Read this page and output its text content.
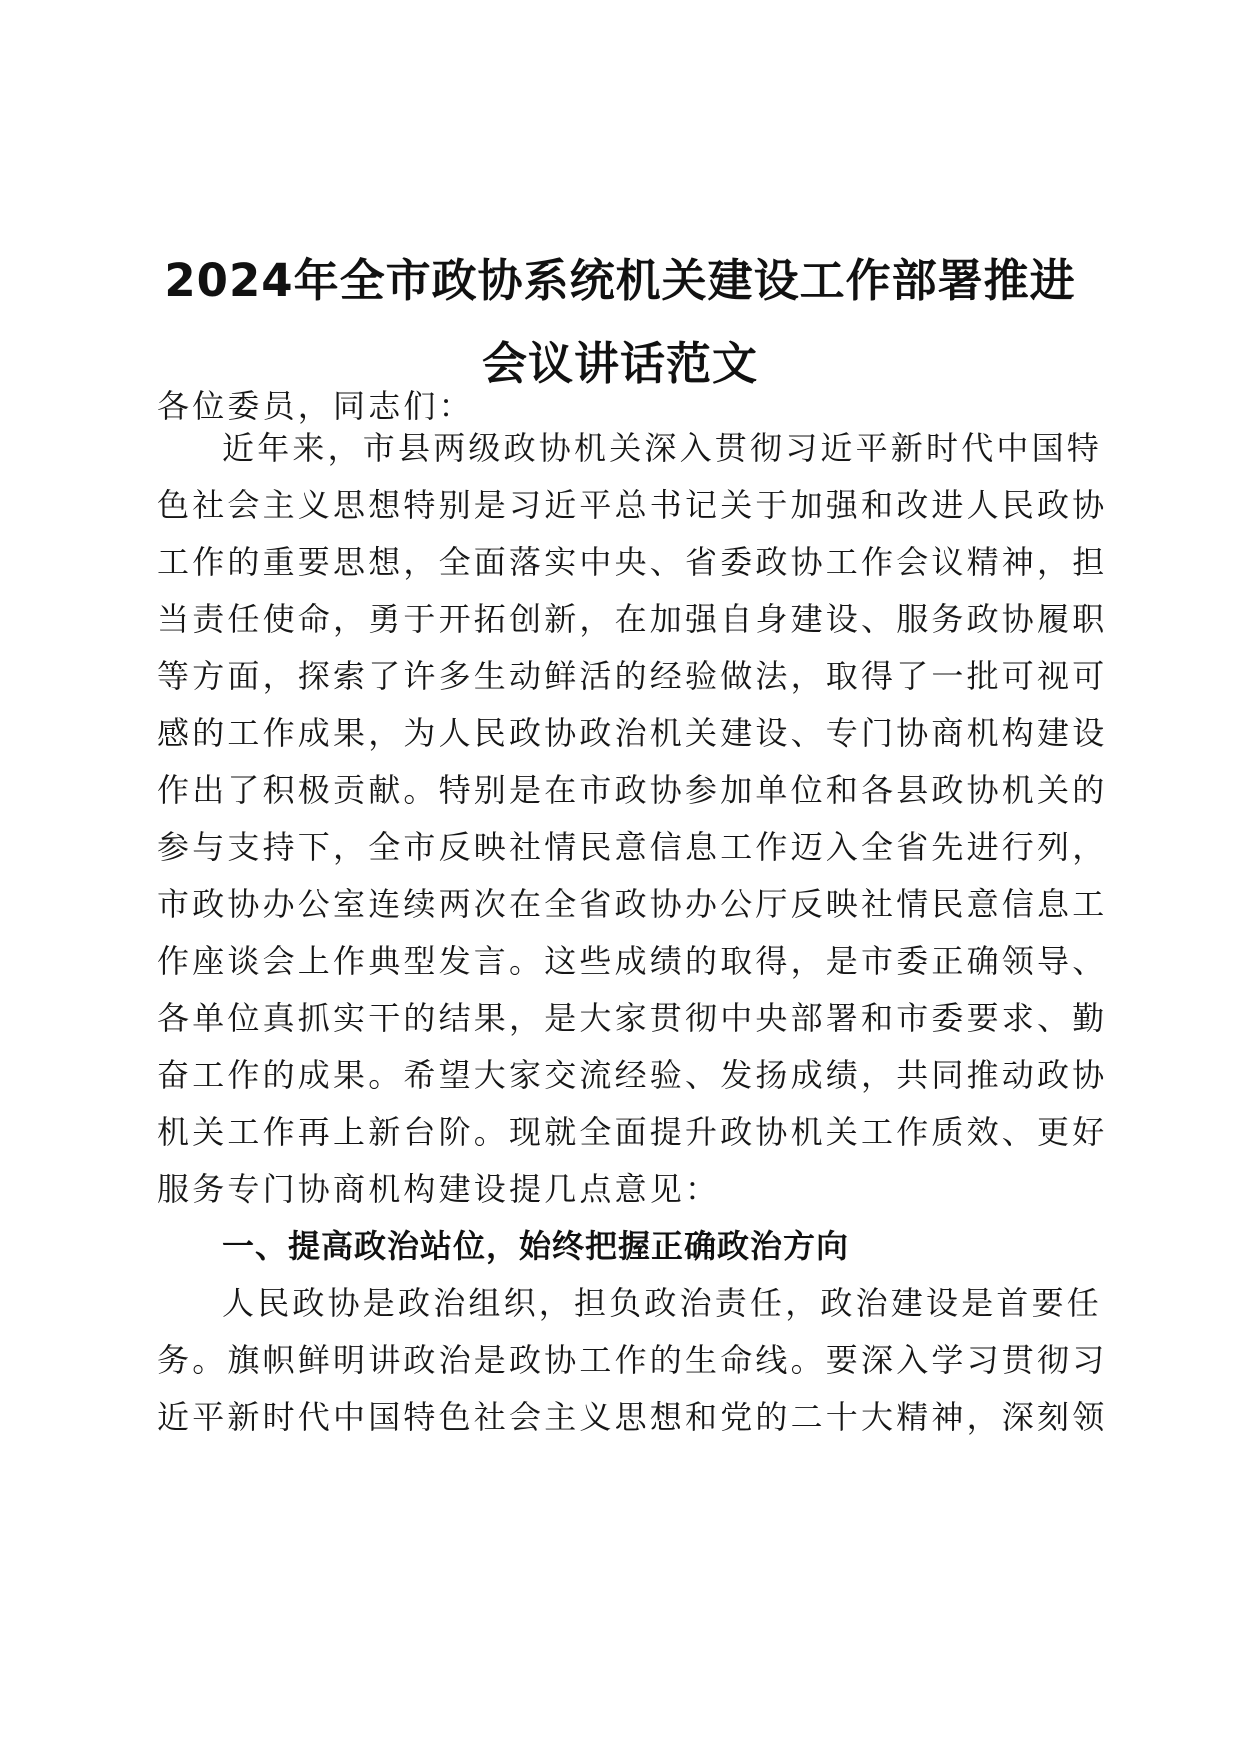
2024年全市政协系统机关建设工作部署推进
会议讲话范文
各位委员，同志们：
近年来，市县两级政协机关深入贯彻习近平新时代中国特
色社会主义思想特别是习近平总书记关于加强和改进人民政协
工作的重要思想，全面落实中央、省委政协工作会议精神，担
当责任使命，勇于开拓创新，在加强自身建设、服务政协履职
等方面，探索了许多生动鲜活的经验做法，取得了一批可视可
感的工作成果，为人民政协政治机关建设、专门协商机构建设
作出了积极贡献。特别是在市政协参加单位和各县政协机关的
参与支持下，全市反映社情民意信息工作迈入全省先进行列，
市政协办公室连续两次在全省政协办公厅反映社情民意信息工
作座谈会上作典型发言。这些成绩的取得，是市委正确领导、
各单位真抓实干的结果，是大家贯彻中央部署和市委要求、勤
奋工作的成果。希望大家交流经验、发扬成绩，共同推动政协
机关工作再上新台阶。现就全面提升政协机关工作质效、更好
服务专门协商机构建设提几点意见：
一、提高政治站位，始终把握正确政治方向
人民政协是政治组织，担负政治责任，政治建设是首要任
务。旗帜鲜明讲政治是政协工作的生命线。要深入学习贯彻习
近平新时代中国特色社会主义思想和党的二十大精神，深刻领
